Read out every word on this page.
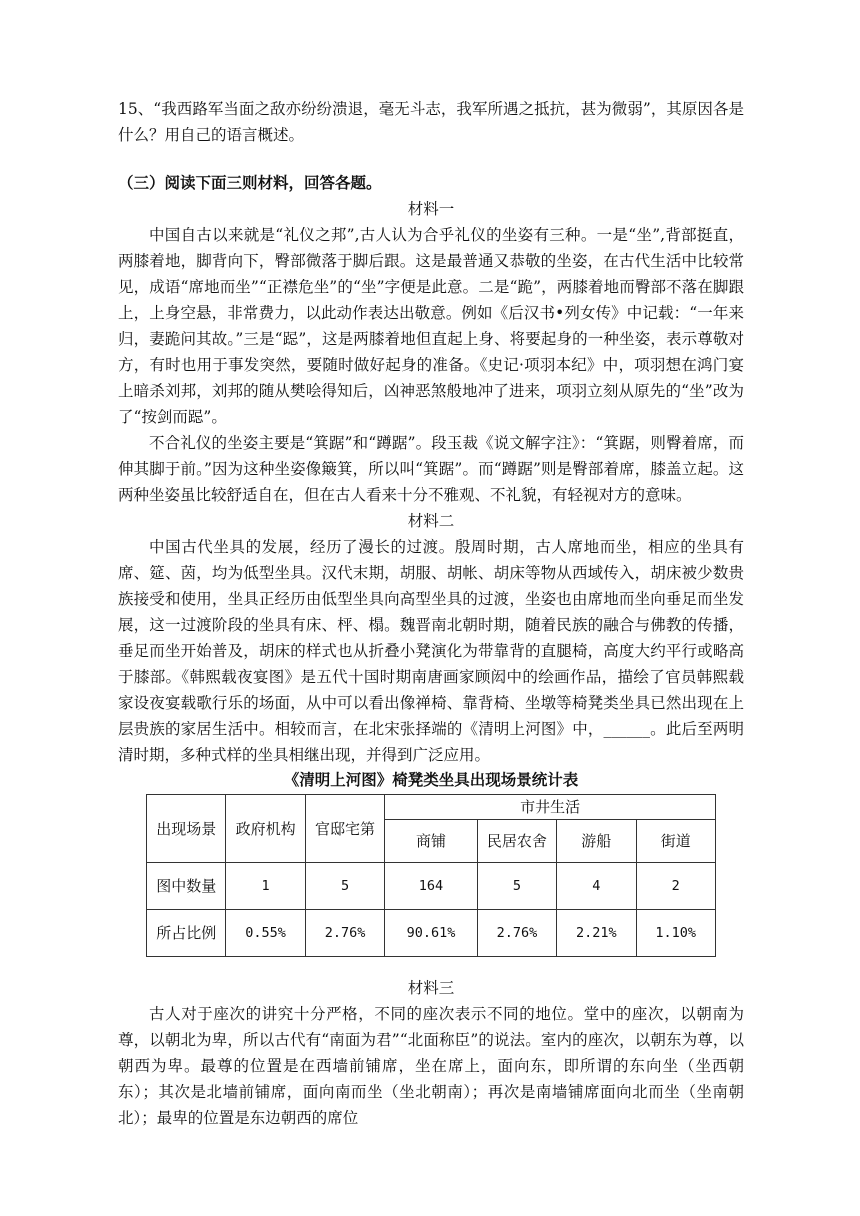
15、“我西路军当面之敌亦纷纷溃退，毫无斗志，我军所遇之抵抗，甚为微弱”，其原因各是什么？用自己的语言概述。

（三）阅读下面三则材料，回答各题。

材料一

中国自古以来就是“礼仪之邦”,古人认为合乎礼仪的坐姿有三种。一是“坐”,背部挺直，两膝着地，脚背向下，臀部微落于脚后跟。这是最普通又恭敬的坐姿，在古代生活中比较常见，成语“席地而坐”“正襟危坐”的“坐”字便是此意。二是“跪”，两膝着地而臀部不落在脚跟上，上身空悬，非常费力，以此动作表达出敬意。例如《后汉书•列女传》中记载：“一年来归，妻跪问其故。”三是“跽”，这是两膝着地但直起上身、将要起身的一种坐姿，表示尊敬对方，有时也用于事发突然，要随时做好起身的准备。《史记·项羽本纪》中，项羽想在鸿门宴上暗杀刘邦，刘邦的随从樊哙得知后，凶神恶煞般地冲了进来，项羽立刻从原先的“坐”改为了“按剑而跽”。

不合礼仪的坐姿主要是“箕踞”和“蹲踞”。段玉裁《说文解字注》：“箕踞，则臀着席，而伸其脚于前。”因为这种坐姿像簸箕，所以叫“箕踞”。而“蹲踞”则是臀部着席，膝盖立起。这两种坐姿虽比较舒适自在，但在古人看来十分不雅观、不礼貌，有轻视对方的意味。

材料二

中国古代坐具的发展，经历了漫长的过渡。殷周时期，古人席地而坐，相应的坐具有席、筵、茵，均为低型坐具。汉代末期，胡服、胡帐、胡床等物从西域传入，胡床被少数贵族接受和使用，坐具正经历由低型坐具向高型坐具的过渡，坐姿也由席地而坐向垂足而坐发展，这一过渡阶段的坐具有床、枰、榻。魏晋南北朝时期，随着民族的融合与佛教的传播，垂足而坐开始普及，胡床的样式也从折叠小凳演化为带靠背的直腿椅，高度大约平行或略高于膝部。《韩熙载夜宴图》是五代十国时期南唐画家顾闳中的绘画作品，描绘了官员韩熙载家设夜宴载歌行乐的场面，从中可以看出像禅椅、靠背椅、坐墩等椅凳类坐具已然出现在上层贵族的家居生活中。相较而言，在北宋张择端的《清明上河图》中，______。此后至两明清时期，多种式样的坐具相继出现，并得到广泛应用。

《清明上河图》椅凳类坐具出现场景统计表

出现场景	政府机构	官邸宅第	市井生活			
			商铺	民居农舍	游船	街道
图中数量	1	5	164	5	4	2
所占比例	0.55%	2.76%	90.61%	2.76%	2.21%	1.10%

材料三

古人对于座次的讲究十分严格，不同的座次表示不同的地位。堂中的座次，以朝南为尊，以朝北为卑，所以古代有“南面为君”“北面称臣”的说法。室内的座次，以朝东为尊，以朝西为卑。最尊的位置是在西墙前铺席，坐在席上，面向东，即所谓的东向坐（坐西朝东）；其次是北墙前铺席，面向南而坐（坐北朝南）；再次是南墙铺席面向北而坐（坐南朝北）；最卑的位置是东边朝西的席位
